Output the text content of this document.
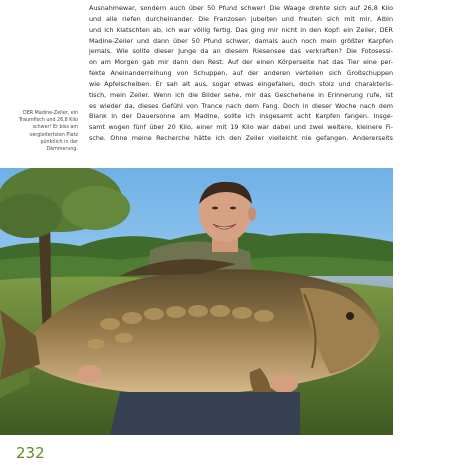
Ausnahmewar, sondern auch über 50 Pfund schwer! Die Waage drehte sich auf 26,8 Kilo
und alle riefen durcheinander. Die Franzosen jubelten und freuten sich mit mir, Albin
und ich klatschten ab, ich war völlig fertig. Das ging mir nicht in den Kopf: ein Zeiler, DER
Madine-Zeiler und dann über 50 Pfund schwer, damals auch noch mein größter Karpfen
jemals. Wie sollte dieser Junge da an diesem Riesensee das verkraften? Die Fotosessi-
on am Morgen gab mir dann den Rest: Auf der einen Körperseite hat das Tier eine per-
fekte Aneinanderreihung von Schuppen, auf der anderen verteilen sich Großschuppen
wie Apfelscheiben. Er sah alt aus, sogar etwas eingefallen, doch stolz und charakteris-
tisch, mein Zeiler. Wenn ich die Bilder sehe, mir das Geschehene in Erinnerung rufe, ist
es wieder da, dieses Gefühl von Trance nach dem Fang. Doch in dieser Woche nach dem
Blank in der Dauersonne am Madine, sollte ich insgesamt acht Karpfen fangen. Insge-
samt wogen fünf über 20 Kilo, einer mit 19 Kilo war dabei und zwei weitere, kleinere Fi-
sche. Ohne meine Recherche hätte ich den Zeiler vielleicht nie gefangen. Andererseits
DER Madine-Zeiler, ein
Traumfisch und 26,8 Kilo
schwer! Er biss am
vergleitertsten Platz
pünktlich in der
Dämmerung.
232
